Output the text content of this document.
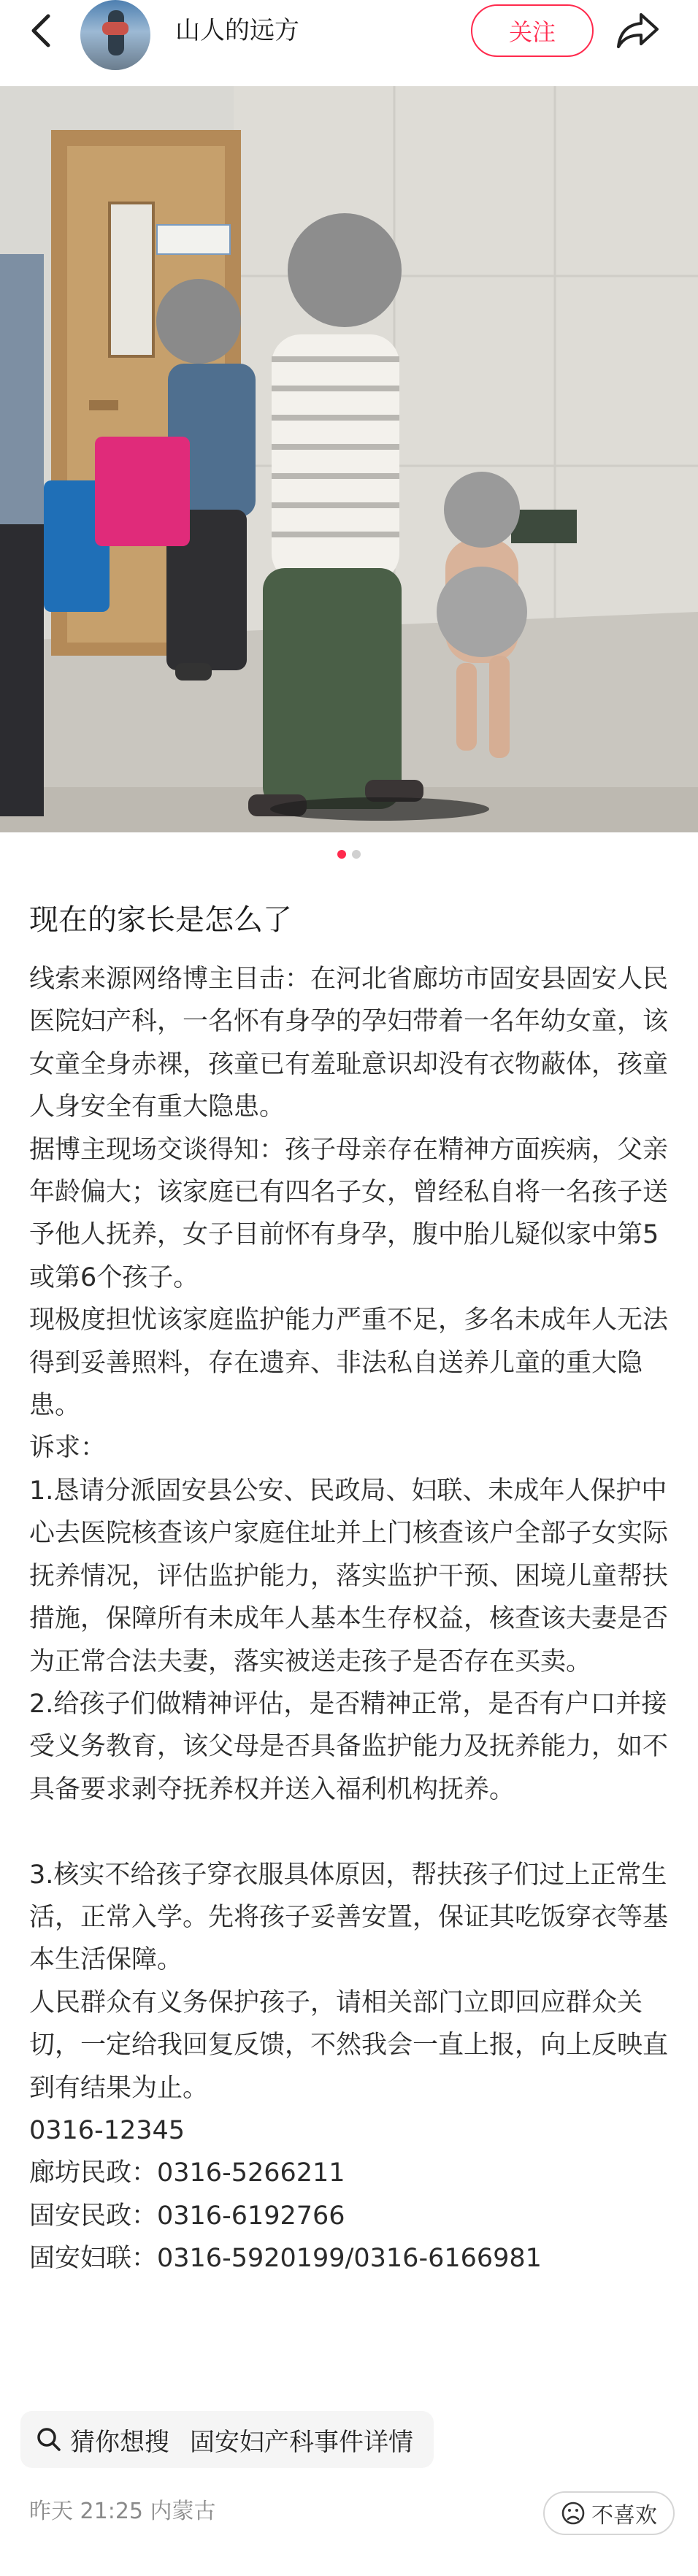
山人的远方	关注
现在的家长是怎么了

线索来源网络博主目击：在河北省廊坊市固安县固安人民医院妇产科，一名怀有身孕的孕妇带着一名年幼女童，该女童全身赤裸，孩童已有羞耻意识却没有衣物蔽体，孩童人身安全有重大隐患。

据博主现场交谈得知：孩子母亲存在精神方面疾病，父亲年龄偏大；该家庭已有四名子女，曾经私自将一名孩子送予他人抚养，女子目前怀有身孕，腹中胎儿疑似家中第5或第6个孩子。

现极度担忧该家庭监护能力严重不足，多名未成年人无法得到妥善照料，存在遗弃、非法私自送养儿童的重大隐患。

诉求：

1.恳请分派固安县公安、民政局、妇联、未成年人保护中心去医院核查该户家庭住址并上门核查该户全部子女实际抚养情况，评估监护能力，落实监护干预、困境儿童帮扶措施，保障所有未成年人基本生存权益，核查该夫妻是否为正常合法夫妻，落实被送走孩子是否存在买卖。

2.给孩子们做精神评估，是否精神正常，是否有户口并接受义务教育，该父母是否具备监护能力及抚养能力，如不具备要求剥夺抚养权并送入福利机构抚养。

3.核实不给孩子穿衣服具体原因，帮扶孩子们过上正常生活，正常入学。先将孩子妥善安置，保证其吃饭穿衣等基本生活保障。

人民群众有义务保护孩子，请相关部门立即回应群众关切，一定给我回复反馈，不然我会一直上报，向上反映直到有结果为止。

0316-12345

廊坊民政：0316-5266211

固安民政：0316-6192766

固安妇联：0316-5920199/0316-6166981

猜你想搜 固安妇产科事件详情
昨天 21:25 内蒙古	不喜欢
